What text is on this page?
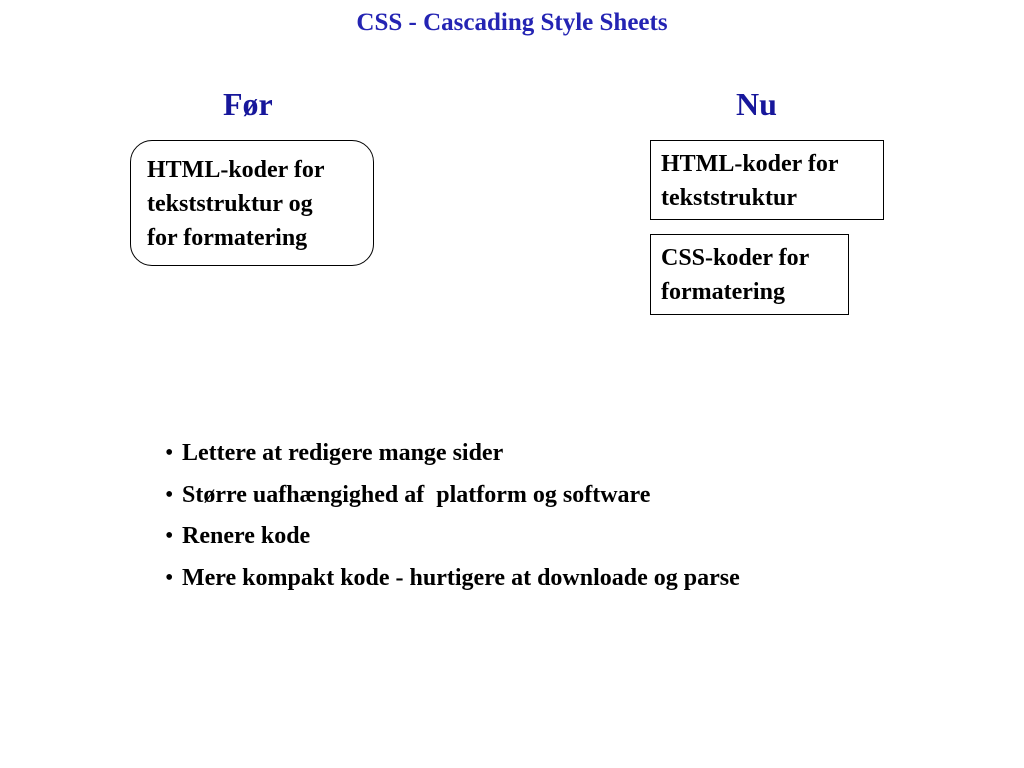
CSS - Cascading Style Sheets
Før	Nu
HTML-koder for
tekststruktur og
for formatering
HTML-koder for
tekststruktur
CSS-koder for
formatering
• Lettere at redigere mange sider
• Større uafhængighed af  platform og software
• Renere kode
• Mere kompakt kode - hurtigere at downloade og parse
